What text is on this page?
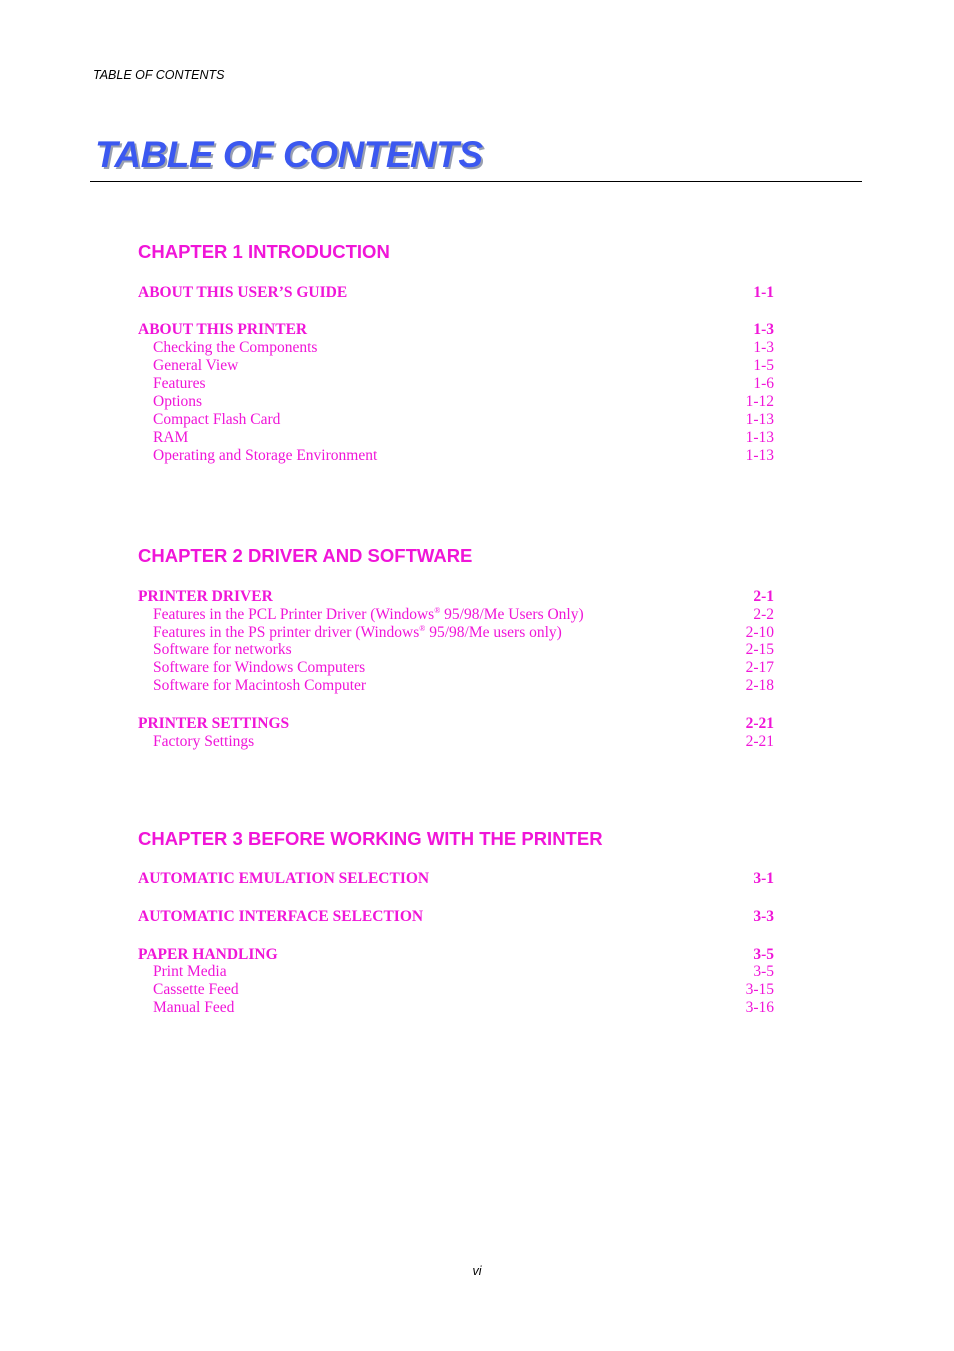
TABLE OF CONTENTS
TABLE OF CONTENTS
CHAPTER 1 INTRODUCTION
ABOUT THIS USER’S GUIDE	1-1
ABOUT THIS PRINTER	1-3
Checking the Components	1-3
General View	1-5
Features	1-6
Options	1-12
Compact Flash Card	1-13
RAM	1-13
Operating and Storage Environment	1-13
CHAPTER 2 DRIVER AND SOFTWARE
PRINTER DRIVER	2-1
Features in the PCL Printer Driver (Windows® 95/98/Me Users Only)	2-2
Features in the PS printer driver (Windows® 95/98/Me users only)	2-10
Software for networks	2-15
Software for Windows Computers	2-17
Software for Macintosh Computer	2-18
PRINTER SETTINGS	2-21
Factory Settings	2-21
CHAPTER 3 BEFORE WORKING WITH THE PRINTER
AUTOMATIC EMULATION SELECTION	3-1
AUTOMATIC INTERFACE SELECTION	3-3
PAPER HANDLING	3-5
Print Media	3-5
Cassette Feed	3-15
Manual Feed	3-16
vi
